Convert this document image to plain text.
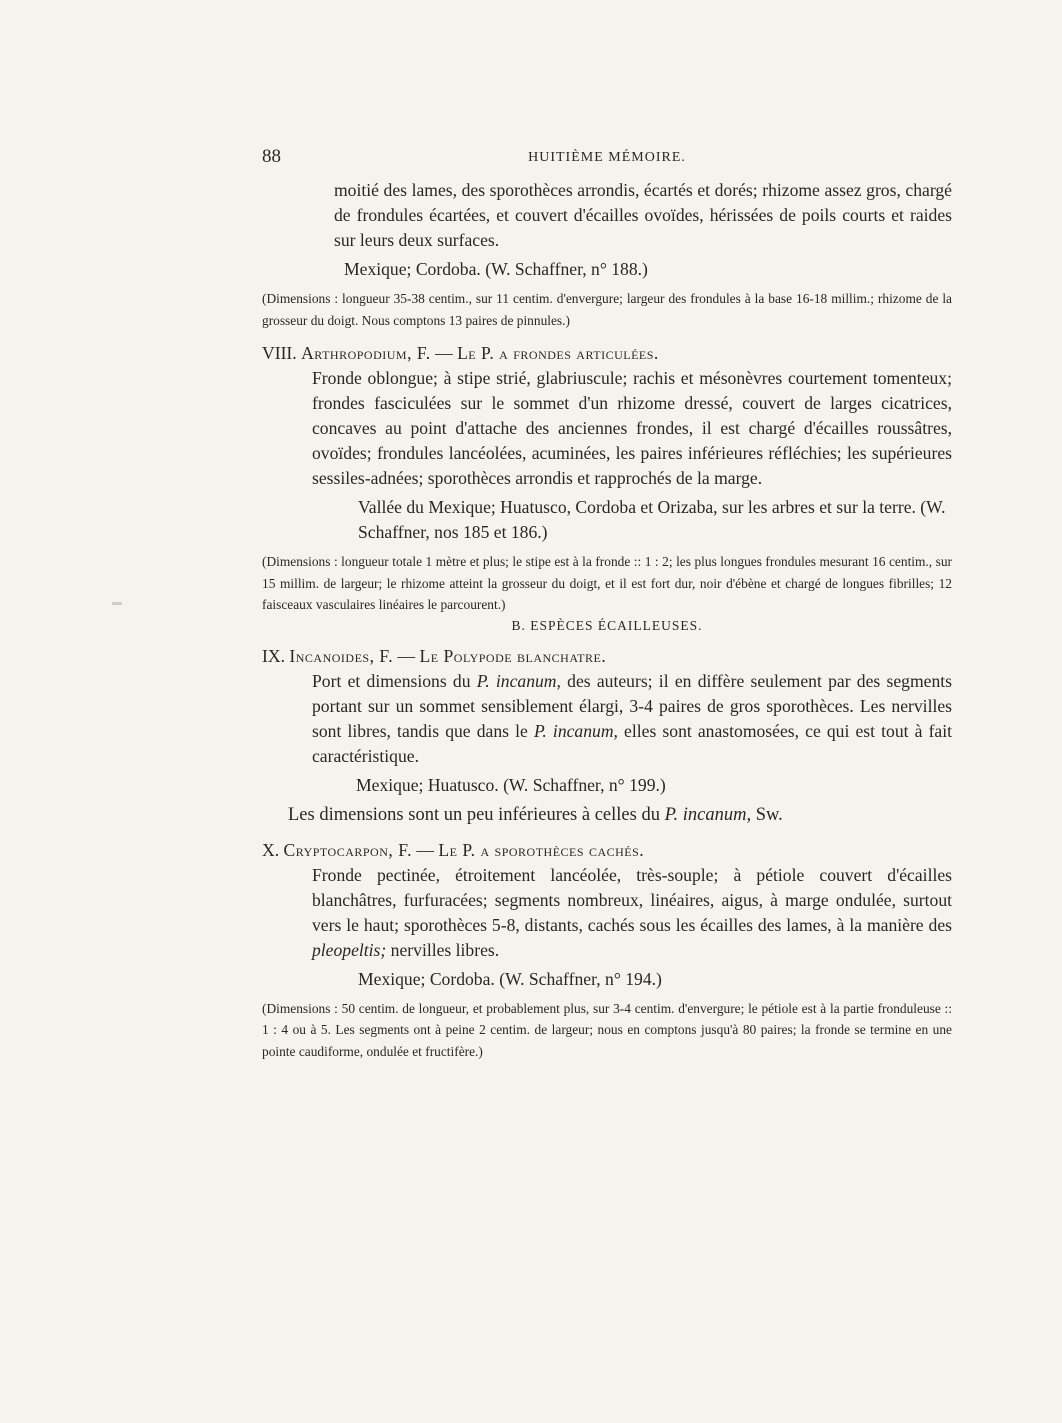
88	HUITIÈME MÉMOIRE.

moitié des lames, des sporothèces arrondis, écartés et dorés; rhizome assez gros, chargé de frondules écartées, et couvert d'écailles ovoïdes, hérissées de poils courts et raides sur leurs deux surfaces.

Mexique; Cordoba. (W. Schaffner, n° 188.)

(Dimensions : longueur 35-38 centim., sur 11 centim. d'envergure; largeur des frondules à la base 16-18 millim.; rhizome de la grosseur du doigt. Nous comptons 13 paires de pinnules.)

VIII. Arthropodium, F. — Le P. a frondes articulées.

Fronde oblongue; à stipe strié, glabriuscule; rachis et mésonèvres courtement tomenteux; frondes fasciculées sur le sommet d'un rhizome dressé, couvert de larges cicatrices, concaves au point d'attache des anciennes frondes, il est chargé d'écailles roussâtres, ovoïdes; frondules lancéolées, acuminées, les paires inférieures réfléchies; les supérieures sessiles-adnées; sporothèces arrondis et rapprochés de la marge.

Vallée du Mexique; Huatusco, Cordoba et Orizaba, sur les arbres et sur la terre. (W. Schaffner, nos 185 et 186.)

(Dimensions : longueur totale 1 mètre et plus; le stipe est à la fronde :: 1 : 2; les plus longues frondules mesurant 16 centim., sur 15 millim. de largeur; le rhizome atteint la grosseur du doigt, et il est fort dur, noir d'ébène et chargé de longues fibrilles; 12 faisceaux vasculaires linéaires le parcourent.)

B. ESPÈCES ÉCAILLEUSES.

IX. Incanoides, F. — Le Polypode blanchatre.

Port et dimensions du P. incanum, des auteurs; il en diffère seulement par des segments portant sur un sommet sensiblement élargi, 3-4 paires de gros sporothèces. Les nervilles sont libres, tandis que dans le P. incanum, elles sont anastomosées, ce qui est tout à fait caractéristique.

Mexique; Huatusco. (W. Schaffner, n° 199.)

Les dimensions sont un peu inférieures à celles du P. incanum, Sw.

X. Cryptocarpon, F. — Le P. a sporothèces cachés.

Fronde pectinée, étroitement lancéolée, très-souple; à pétiole couvert d'écailles blanchâtres, furfuracées; segments nombreux, linéaires, aigus, à marge ondulée, surtout vers le haut; sporothèces 5-8, distants, cachés sous les écailles des lames, à la manière des pleopeltis; nervilles libres.

Mexique; Cordoba. (W. Schaffner, n° 194.)

(Dimensions : 50 centim. de longueur, et probablement plus, sur 3-4 centim. d'envergure; le pétiole est à la partie fronduleuse :: 1 : 4 ou à 5. Les segments ont à peine 2 centim. de largeur; nous en comptons jusqu'à 80 paires; la fronde se termine en une pointe caudiforme, ondulée et fructifère.)
